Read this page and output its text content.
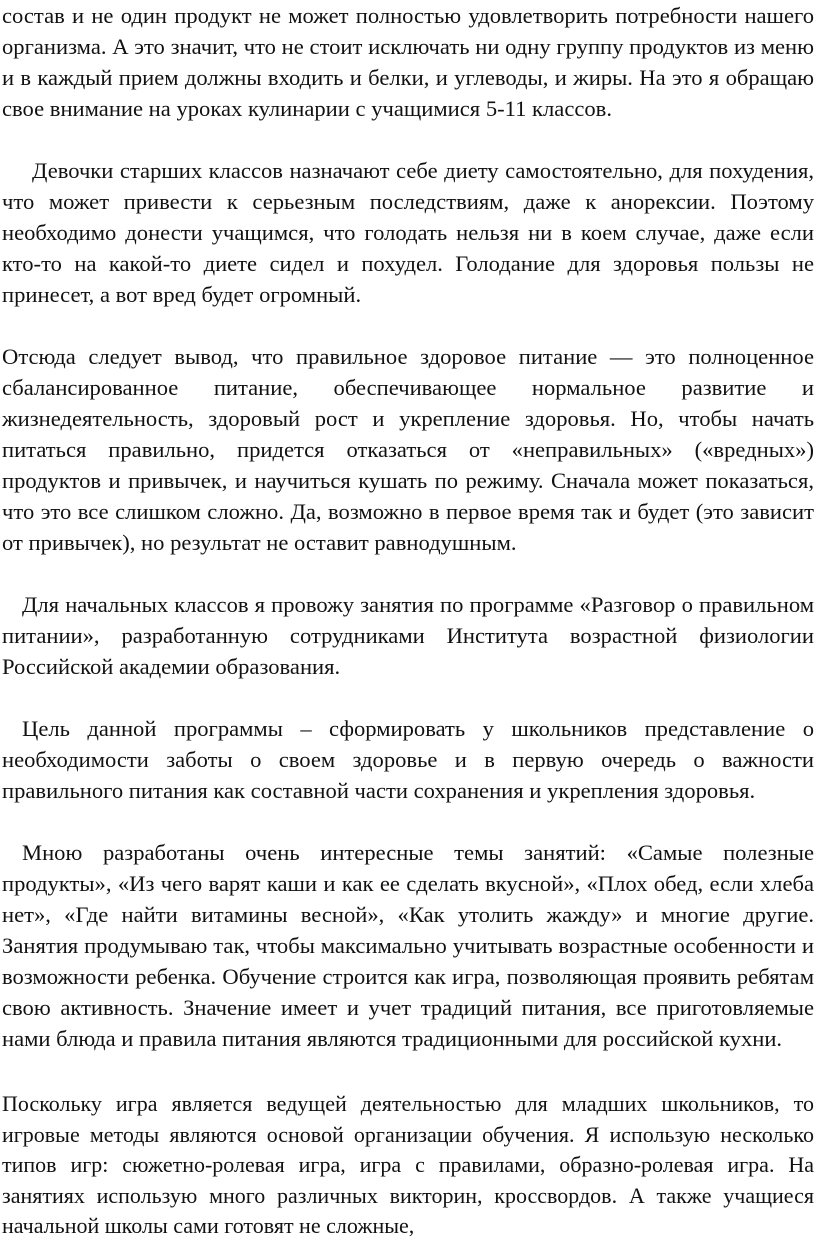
состав и не один продукт не может полностью удовлетворить потребности нашего организма. А это значит, что не стоит исключать ни одну группу продуктов из меню и в каждый прием должны входить и белки, и углеводы, и жиры. На это я обращаю свое внимание на уроках кулинарии с учащимися 5-11 классов.

Девочки старших классов назначают себе диету самостоятельно, для похудения, что может привести к серьезным последствиям, даже к анорексии. Поэтому необходимо донести учащимся, что голодать нельзя ни в коем случае, даже если кто-то на какой-то диете сидел и похудел. Голодание для здоровья пользы не принесет, а вот вред будет огромный.

Отсюда следует вывод, что правильное здоровое питание — это полноценное сбалансированное питание, обеспечивающее нормальное развитие и жизнедеятельность, здоровый рост и укрепление здоровья. Но, чтобы начать питаться правильно, придется отказаться от «неправильных» («вредных») продуктов и привычек, и научиться кушать по режиму. Сначала может показаться, что это все слишком сложно. Да, возможно в первое время так и будет (это зависит от привычек), но результат не оставит равнодушным.

Для начальных классов я провожу занятия по программе «Разговор о правильном питании», разработанную сотрудниками Института возрастной физиологии Российской академии образования.

Цель данной программы – сформировать у школьников представление о необходимости заботы о своем здоровье и в первую очередь о важности правильного питания как составной части сохранения и укрепления здоровья.

Мною разработаны очень интересные темы занятий: «Самые полезные продукты», «Из чего варят каши и как ее сделать вкусной», «Плох обед, если хлеба нет», «Где найти витамины весной», «Как утолить жажду» и многие другие. Занятия продумываю так, чтобы максимально учитывать возрастные особенности и возможности ребенка. Обучение строится как игра, позволяющая проявить ребятам свою активность. Значение имеет и учет традиций питания, все приготовляемые нами блюда и правила питания являются традиционными для российской кухни.

Поскольку игра является ведущей деятельностью для младших школьников, то игровые методы являются основой организации обучения. Я использую несколько типов игр: сюжетно-ролевая игра, игра с правилами, образно-ролевая игра. На занятиях использую много различных викторин, кроссвордов. А также учащиеся начальной школы сами готовят не сложные,
